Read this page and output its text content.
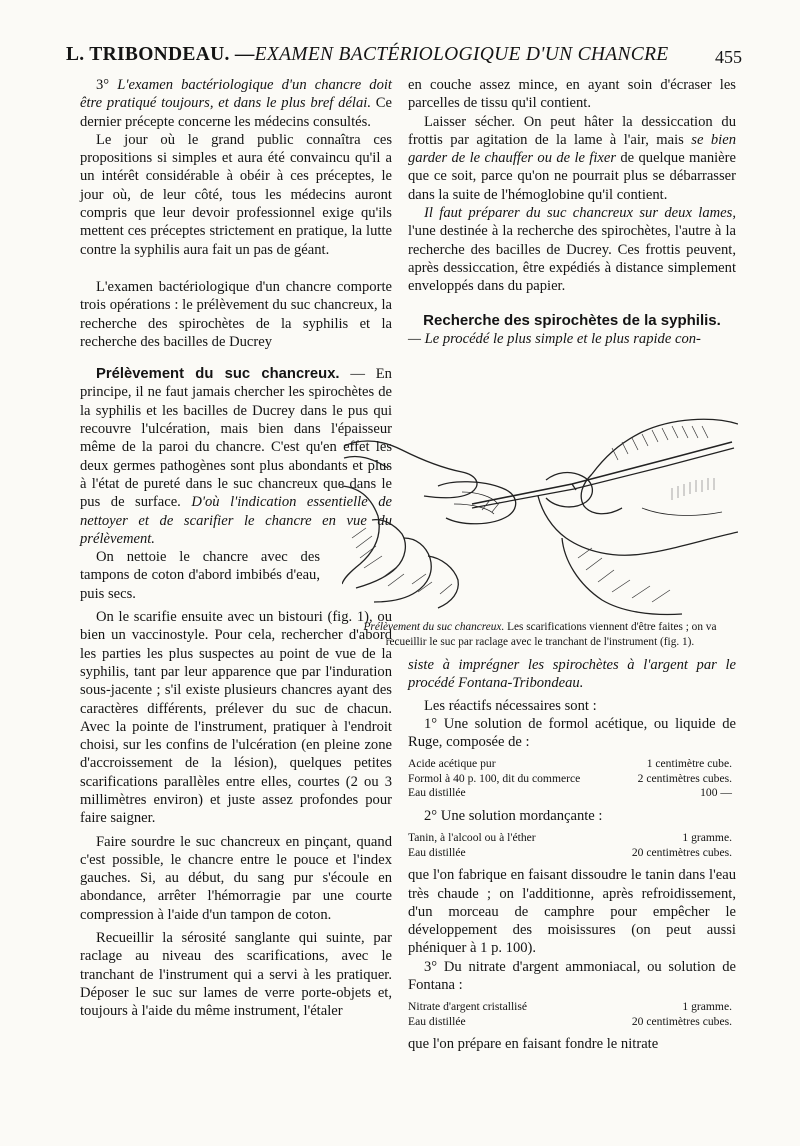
L. TRIBONDEAU. —EXAMEN BACTÉRIOLOGIQUE D'UN CHANCRE	455

3° L'examen bactériologique d'un chancre doit être pratiqué toujours, et dans le plus bref délai. Ce dernier précepte concerne les médecins consultés.

Le jour où le grand public connaîtra ces propositions si simples et aura été convaincu qu'il a un intérêt considérable à obéir à ces préceptes, le jour où, de leur côté, tous les médecins auront compris que leur devoir professionnel exige qu'ils mettent ces préceptes strictement en pratique, la lutte contre la syphilis aura fait un pas de géant.

L'examen bactériologique d'un chancre comporte trois opérations : le prélèvement du suc chancreux, la recherche des spirochètes de la syphilis et la recherche des bacilles de Ducrey

Prélèvement du suc chancreux. — En principe, il ne faut jamais chercher les spirochètes de la syphilis et les bacilles de Ducrey dans le pus qui recouvre l'ulcération, mais bien dans l'épaisseur même de la paroi du chancre. C'est qu'en effet les deux germes pathogènes sont plus abondants et plus à l'état de pureté dans le suc chancreux que dans le pus de surface. D'où l'indication essentielle de nettoyer et de scarifier le chancre en vue du prélèvement.

On nettoie le chancre avec des tampons de coton d'abord imbibés d'eau, puis secs.

On le scarifie ensuite avec un bistouri (fig. 1), ou bien un vaccinostyle. Pour cela, rechercher d'abord les parties les plus suspectes au point de vue de la syphilis, tant par leur apparence que par l'induration sous-jacente ; s'il existe plusieurs chancres ayant des caractères différents, prélever du suc de chacun. Avec la pointe de l'instrument, pratiquer à l'endroit choisi, sur les confins de l'ulcération (en pleine zone d'accroissement de la lésion), quelques petites scarifications parallèles entre elles, courtes (2 ou 3 millimètres environ) et juste assez profondes pour faire saigner.

Faire sourdre le suc chancreux en pinçant, quand c'est possible, le chancre entre le pouce et l'index gauches. Si, au début, du sang pur s'écoule en abondance, arrêter l'hémorragie par une courte compression à l'aide d'un tampon de coton.

Recueillir la sérosité sanglante qui suinte, par raclage au niveau des scarifications, avec le tranchant de l'instrument qui a servi à les pratiquer. Déposer le suc sur lames de verre porte-objets et, toujours à l'aide du même instrument, l'étaler

en couche assez mince, en ayant soin d'écraser les parcelles de tissu qu'il contient.

Laisser sécher. On peut hâter la dessiccation du frottis par agitation de la lame à l'air, mais se bien garder de le chauffer ou de le fixer de quelque manière que ce soit, parce qu'on ne pourrait plus se débarrasser dans la suite de l'hémoglobine qu'il contient.

Il faut préparer du suc chancreux sur deux lames, l'une destinée à la recherche des spirochètes, l'autre à la recherche des bacilles de Ducrey. Ces frottis peuvent, après dessiccation, être expédiés à distance simplement enveloppés dans du papier.

Recherche des spirochètes de la syphilis.

— Le procédé le plus simple et le plus rapide con-

Prélèvement du suc chancreux. Les scarifications viennent d'être faites ; on va recueillir le suc par raclage avec le tranchant de l'instrument (fig. 1).

siste à imprégner les spirochètes à l'argent par le procédé Fontana-Tribondeau.

Les réactifs nécessaires sont :

1° Une solution de formol acétique, ou liquide de Ruge, composée de :

Acide acétique pur	1 centimètre cube.
Formol à 40 p. 100, dit du commerce	2 centimètres cubes.
Eau distillée	100 —

2° Une solution mordançante :

Tanin, à l'alcool ou à l'éther	1 gramme.
Eau distillée	20 centimètres cubes.

que l'on fabrique en faisant dissoudre le tanin dans l'eau très chaude ; on l'additionne, après refroidissement, d'un morceau de camphre pour empêcher le développement des moisissures (on peut aussi phéniquer à 1 p. 100).

3° Du nitrate d'argent ammoniacal, ou solution de Fontana :

Nitrate d'argent cristallisé	1 gramme.
Eau distillée	20 centimètres cubes.

que l'on prépare en faisant fondre le nitrate
